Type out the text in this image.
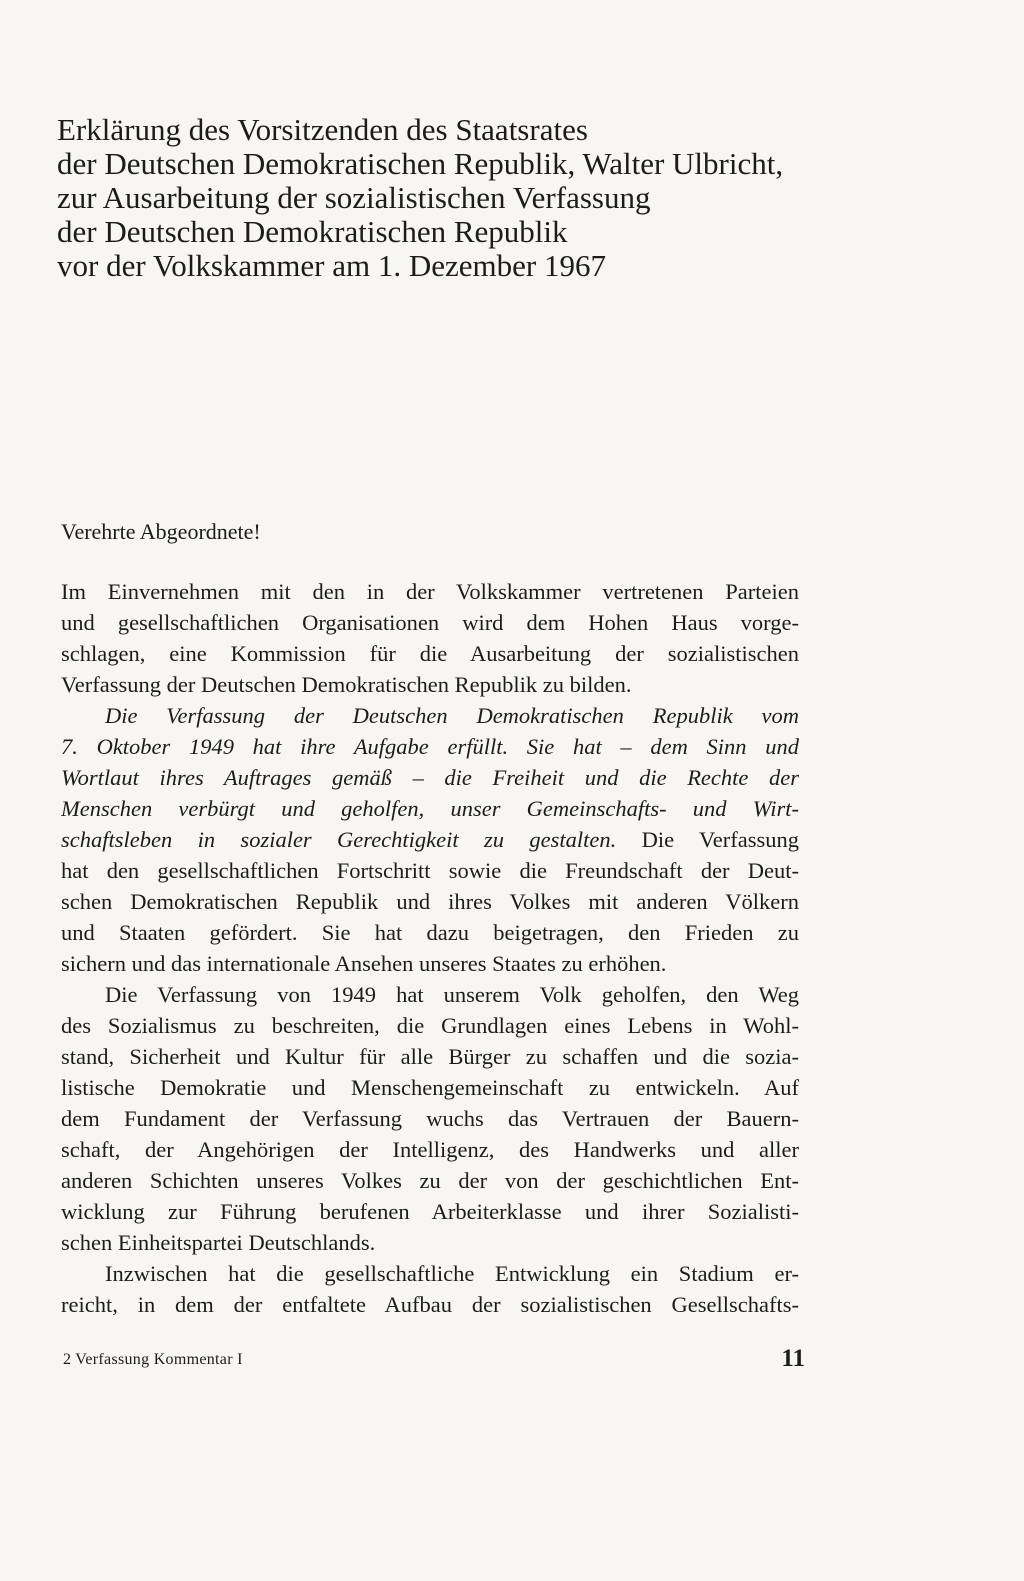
Erklärung des Vorsitzenden des Staatsrates
der Deutschen Demokratischen Republik, Walter Ulbricht,
zur Ausarbeitung der sozialistischen Verfassung
der Deutschen Demokratischen Republik
vor der Volkskammer am 1. Dezember 1967

Verehrte Abgeordnete!

Im Einvernehmen mit den in der Volkskammer vertretenen Parteien
und gesellschaftlichen Organisationen wird dem Hohen Haus vorge-
schlagen, eine Kommission für die Ausarbeitung der sozialistischen
Verfassung der Deutschen Demokratischen Republik zu bilden.
Die Verfassung der Deutschen Demokratischen Republik vom
7. Oktober 1949 hat ihre Aufgabe erfüllt. Sie hat – dem Sinn und
Wortlaut ihres Auftrages gemäß – die Freiheit und die Rechte der
Menschen verbürgt und geholfen, unser Gemeinschafts- und Wirt-
schaftsleben in sozialer Gerechtigkeit zu gestalten. Die Verfassung
hat den gesellschaftlichen Fortschritt sowie die Freundschaft der Deut-
schen Demokratischen Republik und ihres Volkes mit anderen Völkern
und Staaten gefördert. Sie hat dazu beigetragen, den Frieden zu
sichern und das internationale Ansehen unseres Staates zu erhöhen.
Die Verfassung von 1949 hat unserem Volk geholfen, den Weg
des Sozialismus zu beschreiten, die Grundlagen eines Lebens in Wohl-
stand, Sicherheit und Kultur für alle Bürger zu schaffen und die sozia-
listische Demokratie und Menschengemeinschaft zu entwickeln. Auf
dem Fundament der Verfassung wuchs das Vertrauen der Bauern-
schaft, der Angehörigen der Intelligenz, des Handwerks und aller
anderen Schichten unseres Volkes zu der von der geschichtlichen Ent-
wicklung zur Führung berufenen Arbeiterklasse und ihrer Sozialisti-
schen Einheitspartei Deutschlands.
Inzwischen hat die gesellschaftliche Entwicklung ein Stadium er-
reicht, in dem der entfaltete Aufbau der sozialistischen Gesellschafts-
2 Verfassung Kommentar I	11
